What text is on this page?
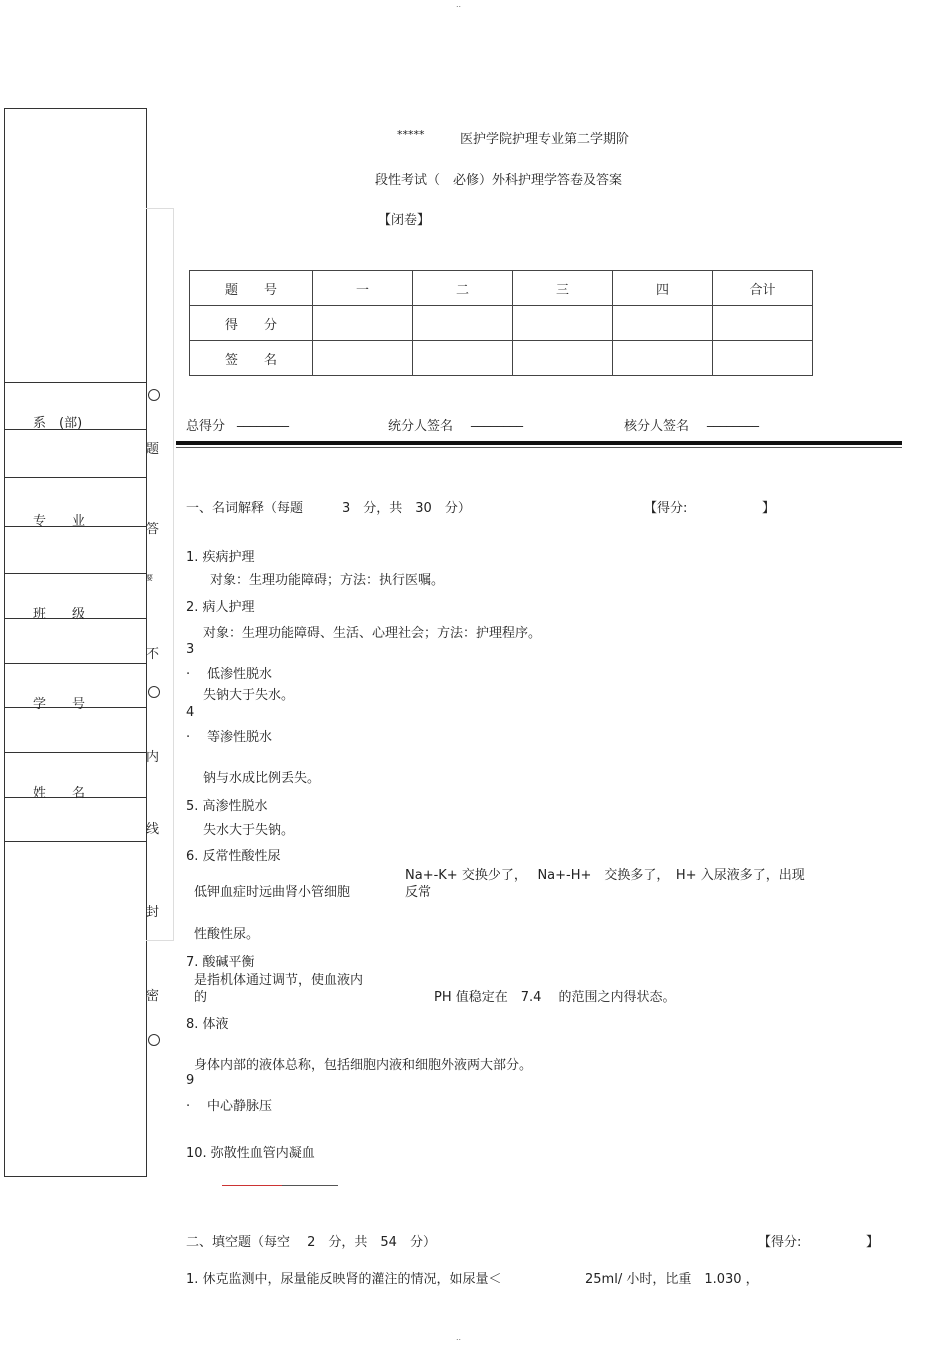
..
..
系　(部)
专　　业
班　　级
学　　号
姓　　名
题
答
要
不
内
线
封
密
*****	医护学院护理专业第二学期阶
段性考试（　必修）外科护理学答卷及答案
【闭卷】
题　　号	一	二	三	四	合计
得　　分					
签　　名					
总得分 ________	统分人签名 ________	核分人签名 ________
一、名词解释（每题　　　3　分，共　30　分）	【得分:	】
1. 疾病护理
对象：生理功能障碍；方法：执行医嘱。
2. 病人护理
对象：生理功能障碍、生活、心理社会；方法：护理程序。
3
. 低渗性脱水
失钠大于失水。
4
. 等渗性脱水
钠与水成比例丢失。
5. 高渗性脱水
失水大于失钠。
6. 反常性酸性尿
Na+-K+ 交换少了，　 Na+-H+　交换多了，　H+ 入尿液多了，出现
低钾血症时远曲肾小管细胞	反常
性酸性尿。
7. 酸碱平衡
是指机体通过调节，使血液内
的	PH 值稳定在　7.4　 的范围之内得状态。
8. 体液
身体内部的液体总称，包括细胞内液和细胞外液两大部分。
9
. 中心静脉压
10. 弥散性血管内凝血
二、填空题（每空　 2　分，共　54　分）	【得分:	】
1. 休克监测中，尿量能反映肾的灌注的情况，如尿量＜	25ml/ 小时，比重　1.030 ，
